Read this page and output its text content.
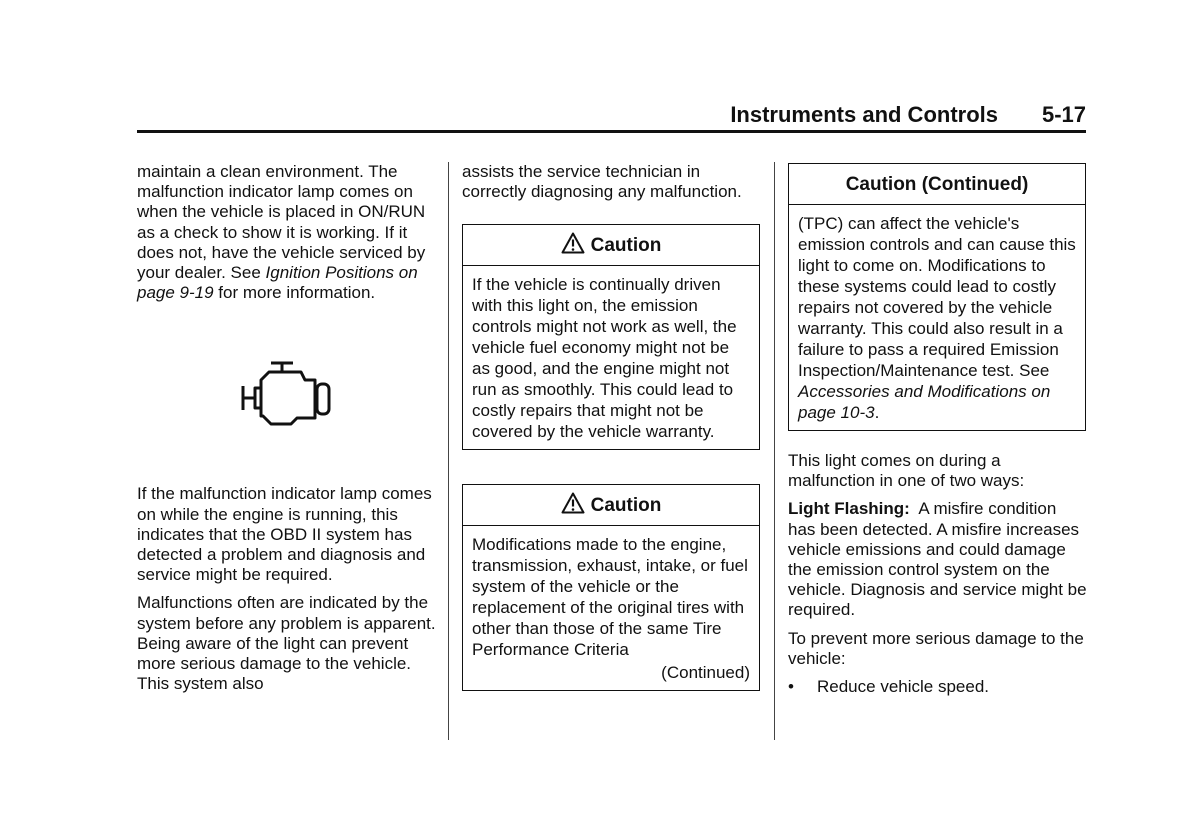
Instruments and Controls 5-17

maintain a clean environment. The malfunction indicator lamp comes on when the vehicle is placed in ON/RUN as a check to show it is working. If it does not, have the vehicle serviced by your dealer. See Ignition Positions on page 9-19 for more information.

If the malfunction indicator lamp comes on while the engine is running, this indicates that the OBD II system has detected a problem and diagnosis and service might be required.

Malfunctions often are indicated by the system before any problem is apparent. Being aware of the light can prevent more serious damage to the vehicle. This system also

assists the service technician in correctly diagnosing any malfunction.

Caution
If the vehicle is continually driven with this light on, the emission controls might not work as well, the vehicle fuel economy might not be as good, and the engine might not run as smoothly. This could lead to costly repairs that might not be covered by the vehicle warranty.
Caution
Modifications made to the engine, transmission, exhaust, intake, or fuel system of the vehicle or the replacement of the original tires with other than those of the same Tire Performance Criteria
(Continued)
Caution (Continued)
(TPC) can affect the vehicle's emission controls and can cause this light to come on. Modifications to these systems could lead to costly repairs not covered by the vehicle warranty. This could also result in a failure to pass a required Emission Inspection/Maintenance test. See Accessories and Modifications on page 10-3.

This light comes on during a malfunction in one of two ways:

Light Flashing:  A misfire condition has been detected. A misfire increases vehicle emissions and could damage the emission control system on the vehicle. Diagnosis and service might be required.

To prevent more serious damage to the vehicle:

•	Reduce vehicle speed.
